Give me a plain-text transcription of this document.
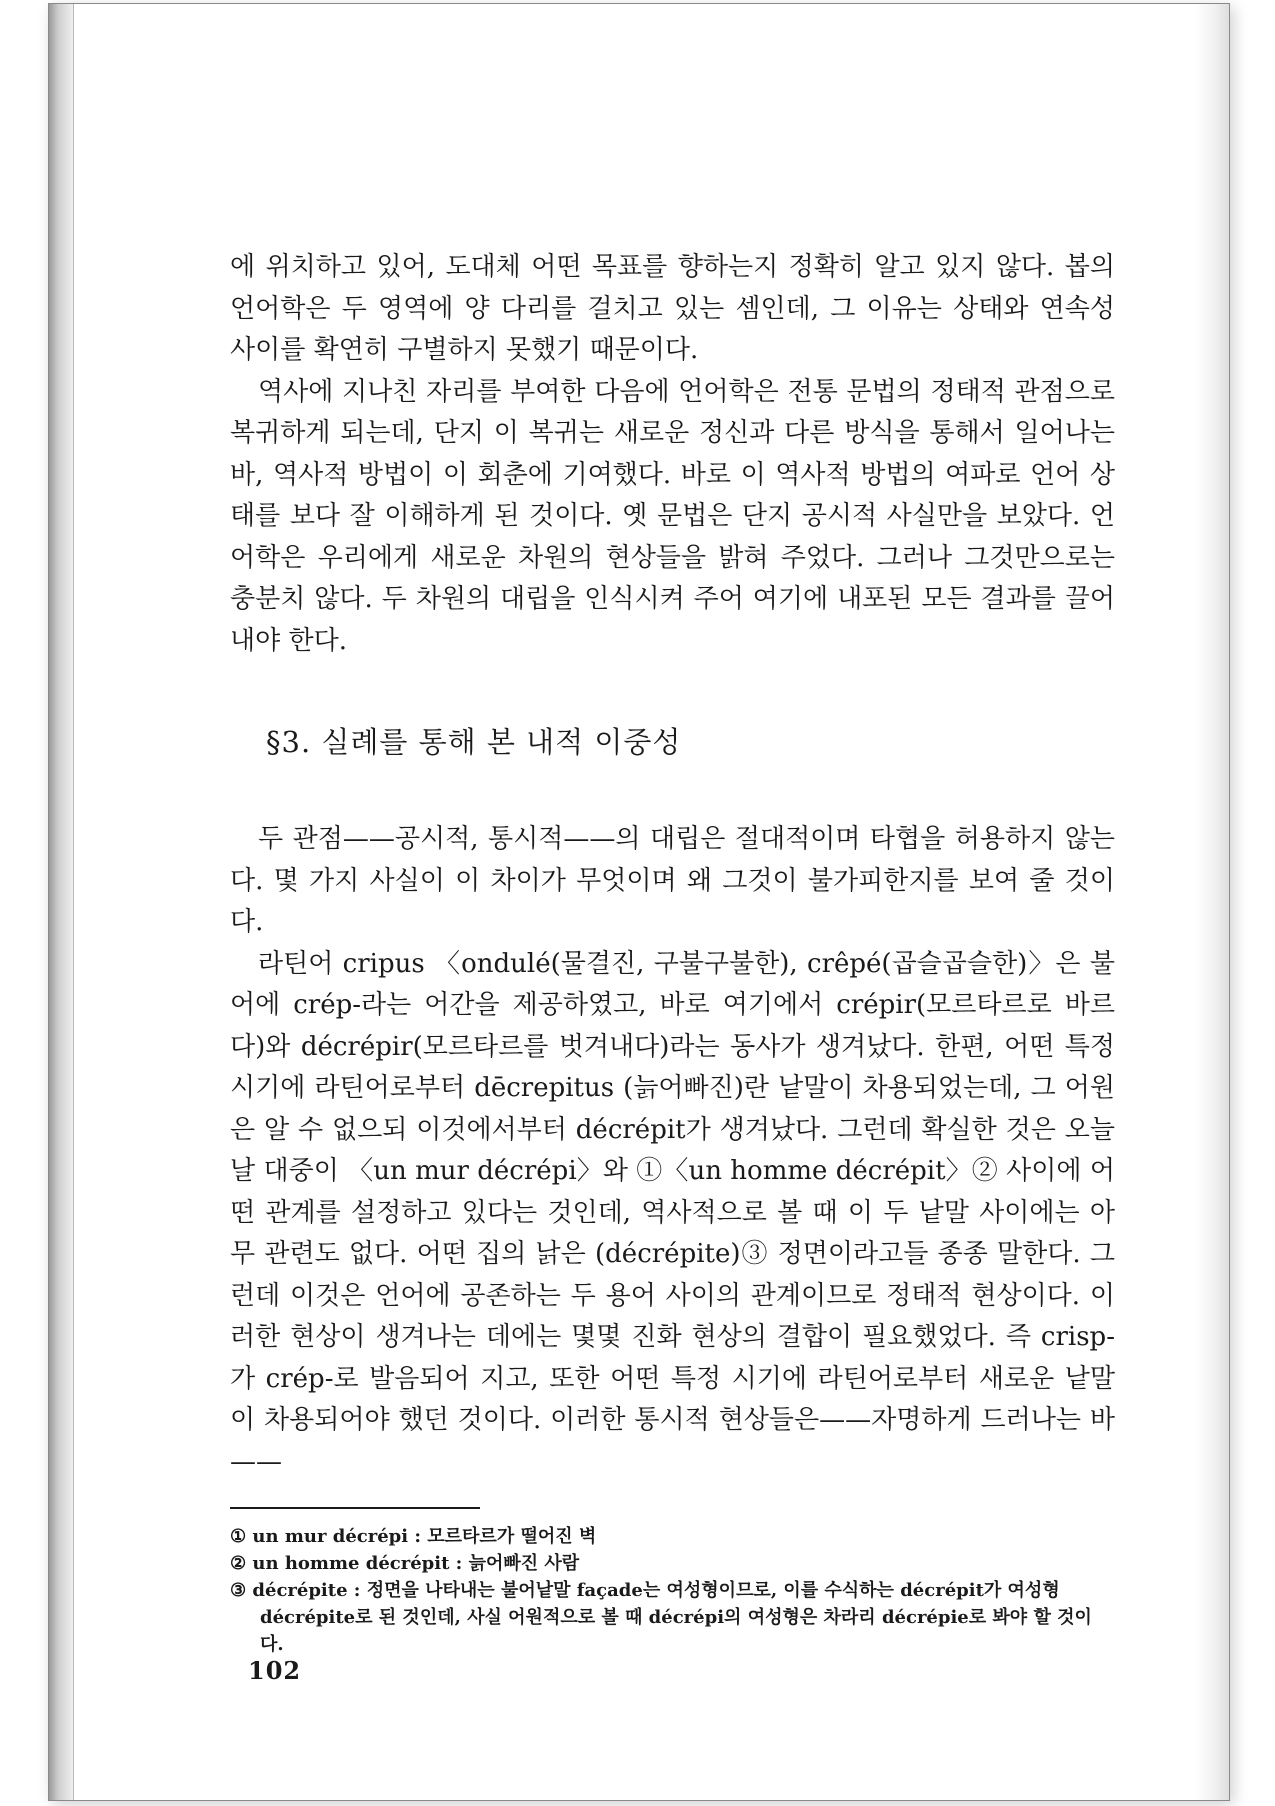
에 위치하고 있어, 도대체 어떤 목표를 향하는지 정확히 알고 있지 않다. 봅의 언어학은 두 영역에 양 다리를 걸치고 있는 셈인데, 그 이유는 상태와 연속성 사이를 확연히 구별하지 못했기 때문이다.

역사에 지나친 자리를 부여한 다음에 언어학은 전통 문법의 정태적 관점으로 복귀하게 되는데, 단지 이 복귀는 새로운 정신과 다른 방식을 통해서 일어나는 바, 역사적 방법이 이 회춘에 기여했다. 바로 이 역사적 방법의 여파로 언어 상태를 보다 잘 이해하게 된 것이다. 옛 문법은 단지 공시적 사실만을 보았다. 언어학은 우리에게 새로운 차원의 현상들을 밝혀 주었다. 그러나 그것만으로는 충분치 않다. 두 차원의 대립을 인식시켜 주어 여기에 내포된 모든 결과를 끌어내야 한다.

§3. 실례를 통해 본 내적 이중성

두 관점——공시적, 통시적——의 대립은 절대적이며 타협을 허용하지 않는다. 몇 가지 사실이 이 차이가 무엇이며 왜 그것이 불가피한지를 보여 줄 것이다.

라틴어 cripus 〈ondulé(물결진, 구불구불한), crêpé(곱슬곱슬한)〉은 불어에 crép-라는 어간을 제공하였고, 바로 여기에서 crépir(모르타르로 바르다)와 décrépir(모르타르를 벗겨내다)라는 동사가 생겨났다. 한편, 어떤 특정 시기에 라틴어로부터 dēcrepitus (늙어빠진)란 낱말이 차용되었는데, 그 어원은 알 수 없으되 이것에서부터 décrépit가 생겨났다. 그런데 확실한 것은 오늘날 대중이 〈un mur décrépi〉와 ①〈un homme décrépit〉② 사이에 어떤 관계를 설정하고 있다는 것인데, 역사적으로 볼 때 이 두 낱말 사이에는 아무 관련도 없다. 어떤 집의 낡은 (décrépite)③ 정면이라고들 종종 말한다. 그런데 이것은 언어에 공존하는 두 용어 사이의 관계이므로 정태적 현상이다. 이러한 현상이 생겨나는 데에는 몇몇 진화 현상의 결합이 필요했었다. 즉 crisp-가 crép-로 발음되어 지고, 또한 어떤 특정 시기에 라틴어로부터 새로운 낱말이 차용되어야 했던 것이다. 이러한 통시적 현상들은——자명하게 드러나는 바——

① un mur décrépi : 모르타르가 떨어진 벽

② un homme décrépit : 늙어빠진 사람

③ décrépite : 정면을 나타내는 불어낱말 façade는 여성형이므로, 이를 수식하는 décrépit가 여성형 décrépite로 된 것인데, 사실 어원적으로 볼 때 décrépi의 여성형은 차라리 décrépie로 봐야 할 것이다.

102
